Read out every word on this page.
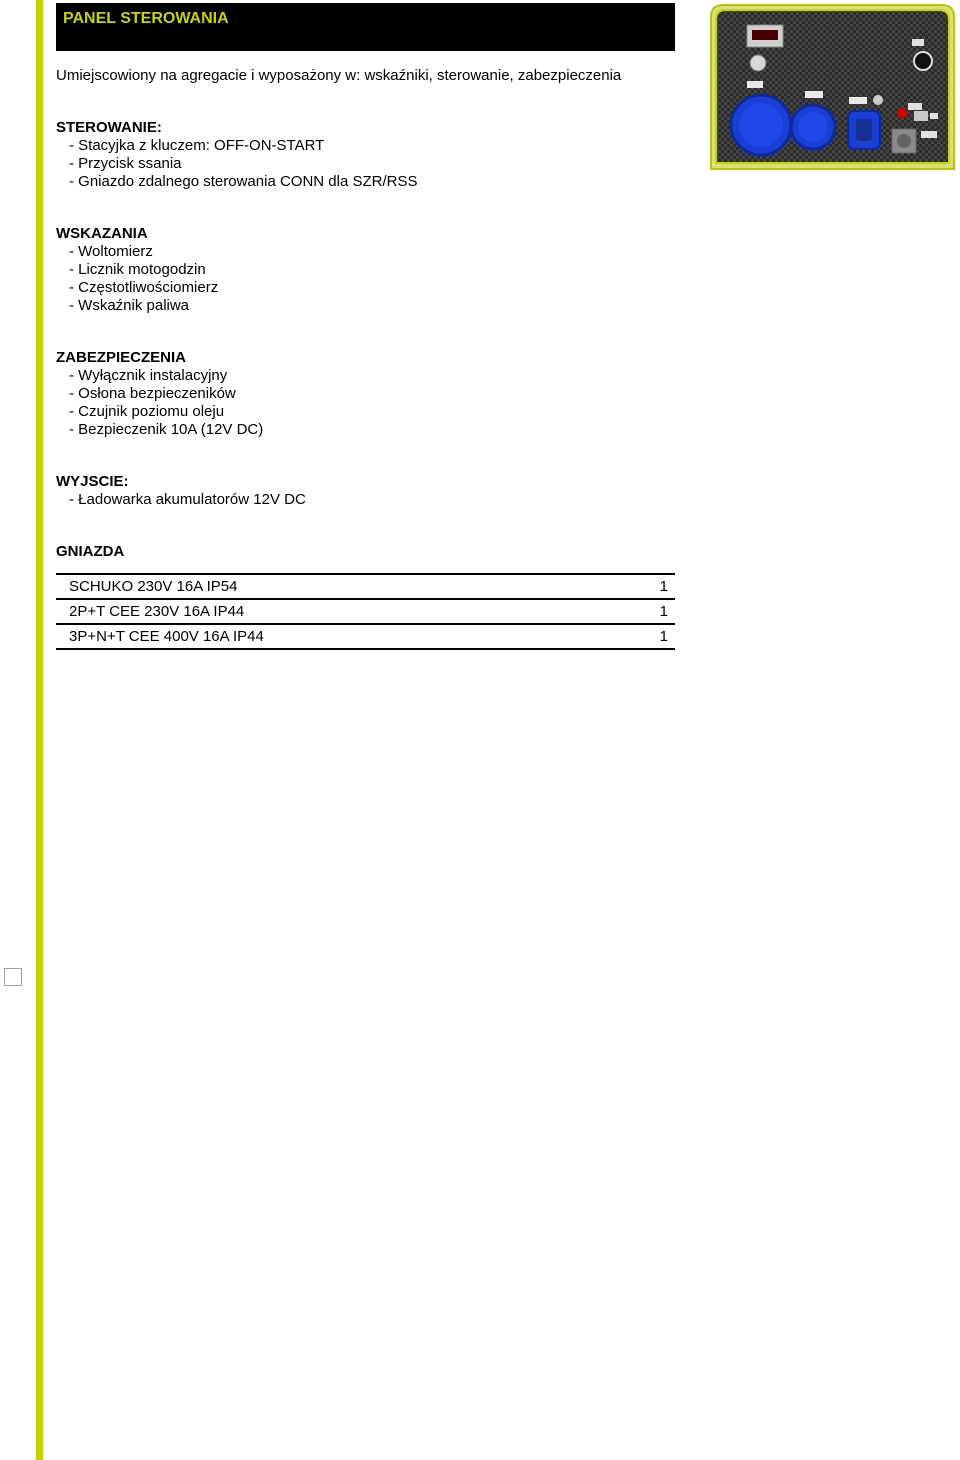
PANEL STEROWANIA
Umiejscowiony na agregacie i wyposażony w: wskaźniki, sterowanie, zabezpieczenia
STEROWANIE:
- Stacyjka z kluczem: OFF-ON-START
- Przycisk ssania
- Gniazdo zdalnego sterowania CONN dla SZR/RSS
WSKAZANIA
- Woltomierz
- Licznik motogodzin
- Częstotliwościomierz
- Wskaźnik paliwa
ZABEZPIECZENIA
- Wyłącznik instalacyjny
- Osłona bezpieczeników
- Czujnik poziomu oleju
- Bezpieczenik 10A (12V DC)
WYJSCIE:
- Ładowarka akumulatorów 12V DC
GNIAZDA
SCHUKO 230V 16A IP54	1
2P+T CEE 230V 16A IP44	1
3P+N+T CEE 400V 16A IP44	1
